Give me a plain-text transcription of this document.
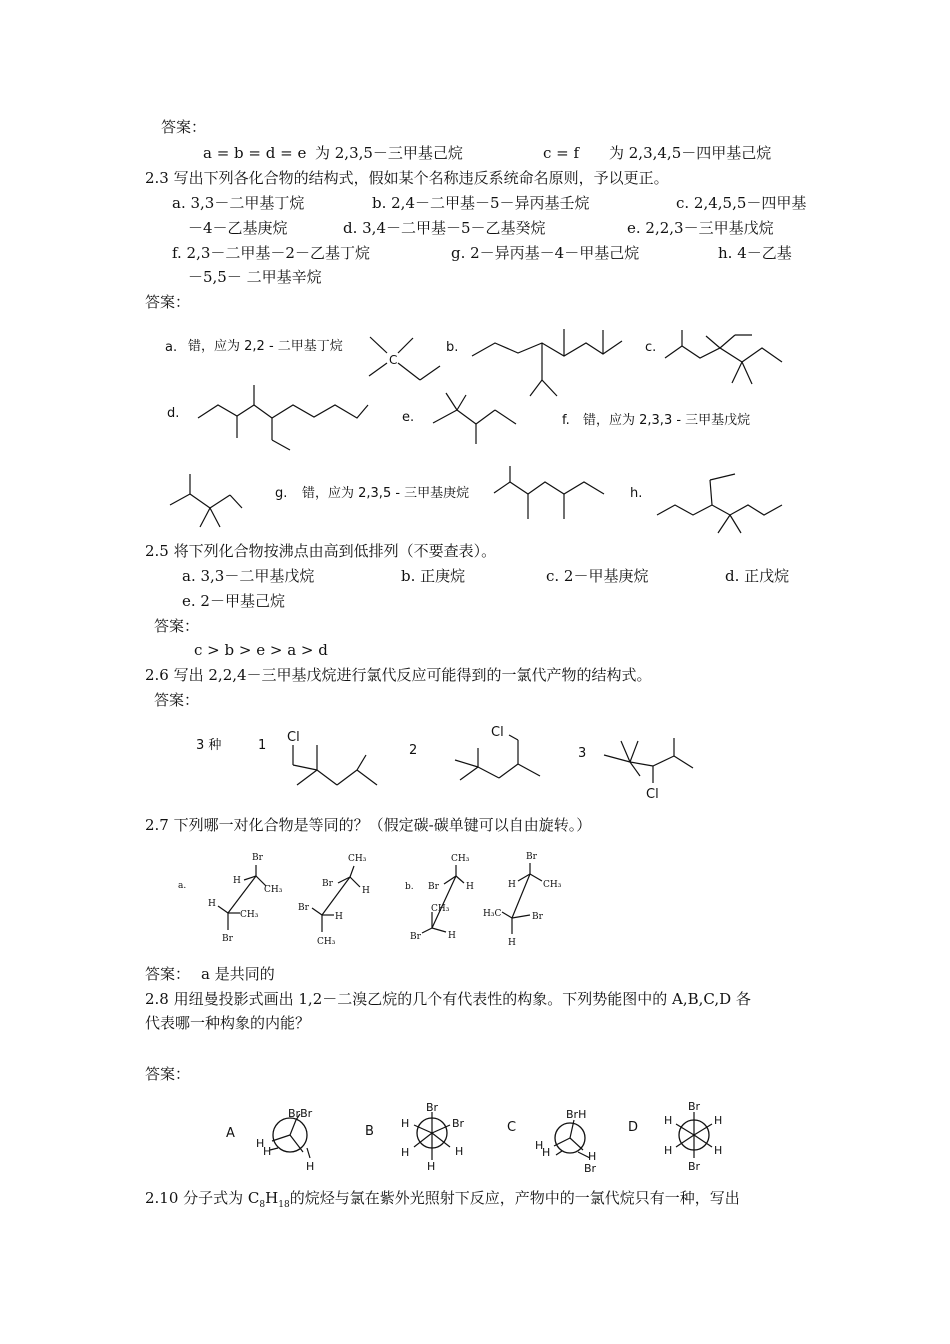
答案：
a = b = d = e 为 2,3,5－三甲基己烷	c = f 为 2,3,4,5－四甲基己烷
2.3 写出下列各化合物的结构式，假如某个名称违反系统命名原则，予以更正。
a. 3,3－二甲基丁烷	b. 2,4－二甲基－5－异丙基壬烷	c. 2,4,5,5－四甲基
－4－乙基庚烷	d. 3,4－二甲基－5－乙基癸烷	e. 2,2,3－三甲基戊烷
f. 2,3－二甲基－2－乙基丁烷	g. 2－异丙基－4－甲基己烷	h. 4－乙基
－5,5－ 二甲基辛烷
答案：
a. 错，应为 2,2 - 二甲基丁烷
C
b.	c.
d.	e.	f. 错，应为 2,3,3 - 三甲基戊烷
g. 错，应为 2,3,5 - 三甲基庚烷	h.
2.5 将下列化合物按沸点由高到低排列（不要查表）。
a. 3,3－二甲基戊烷	b. 正庚烷	c. 2－甲基庚烷	d. 正戊烷
e. 2－甲基己烷
答案：
c > b > e > a > d
2.6 写出 2,2,4－三甲基戊烷进行氯代反应可能得到的一氯代产物的结构式。
答案：
3 种	1	2	3
Cl	Cl
Cl
2.7 下列哪一对化合物是等同的？（假定碳-碳单键可以自由旋转。）
答案： a 是共同的
2.8 用纽曼投影式画出 1,2－二溴乙烷的几个有代表性的构象。下列势能图中的 A,B,C,D 各
代表哪一种构象的内能？
答案：
2.10 分子式为 $C_8H_{18}$的烷烃与氯在紫外光照射下反应，产物中的一氯代烷只有一种，写出
a.	b.
Br
H
CH₃
H
CH₃
Br
CH₃
Br
H
Br
H
CH₃
CH₃
Br	H
CH₃
Br	H
Br
H	CH₃
H₃C	Br
H
A
BrBr
H
H
H
B
Br
H	Br
H	H
H
C
BrH
H
H	H
Br
D
Br
H	H
H	H
Br
